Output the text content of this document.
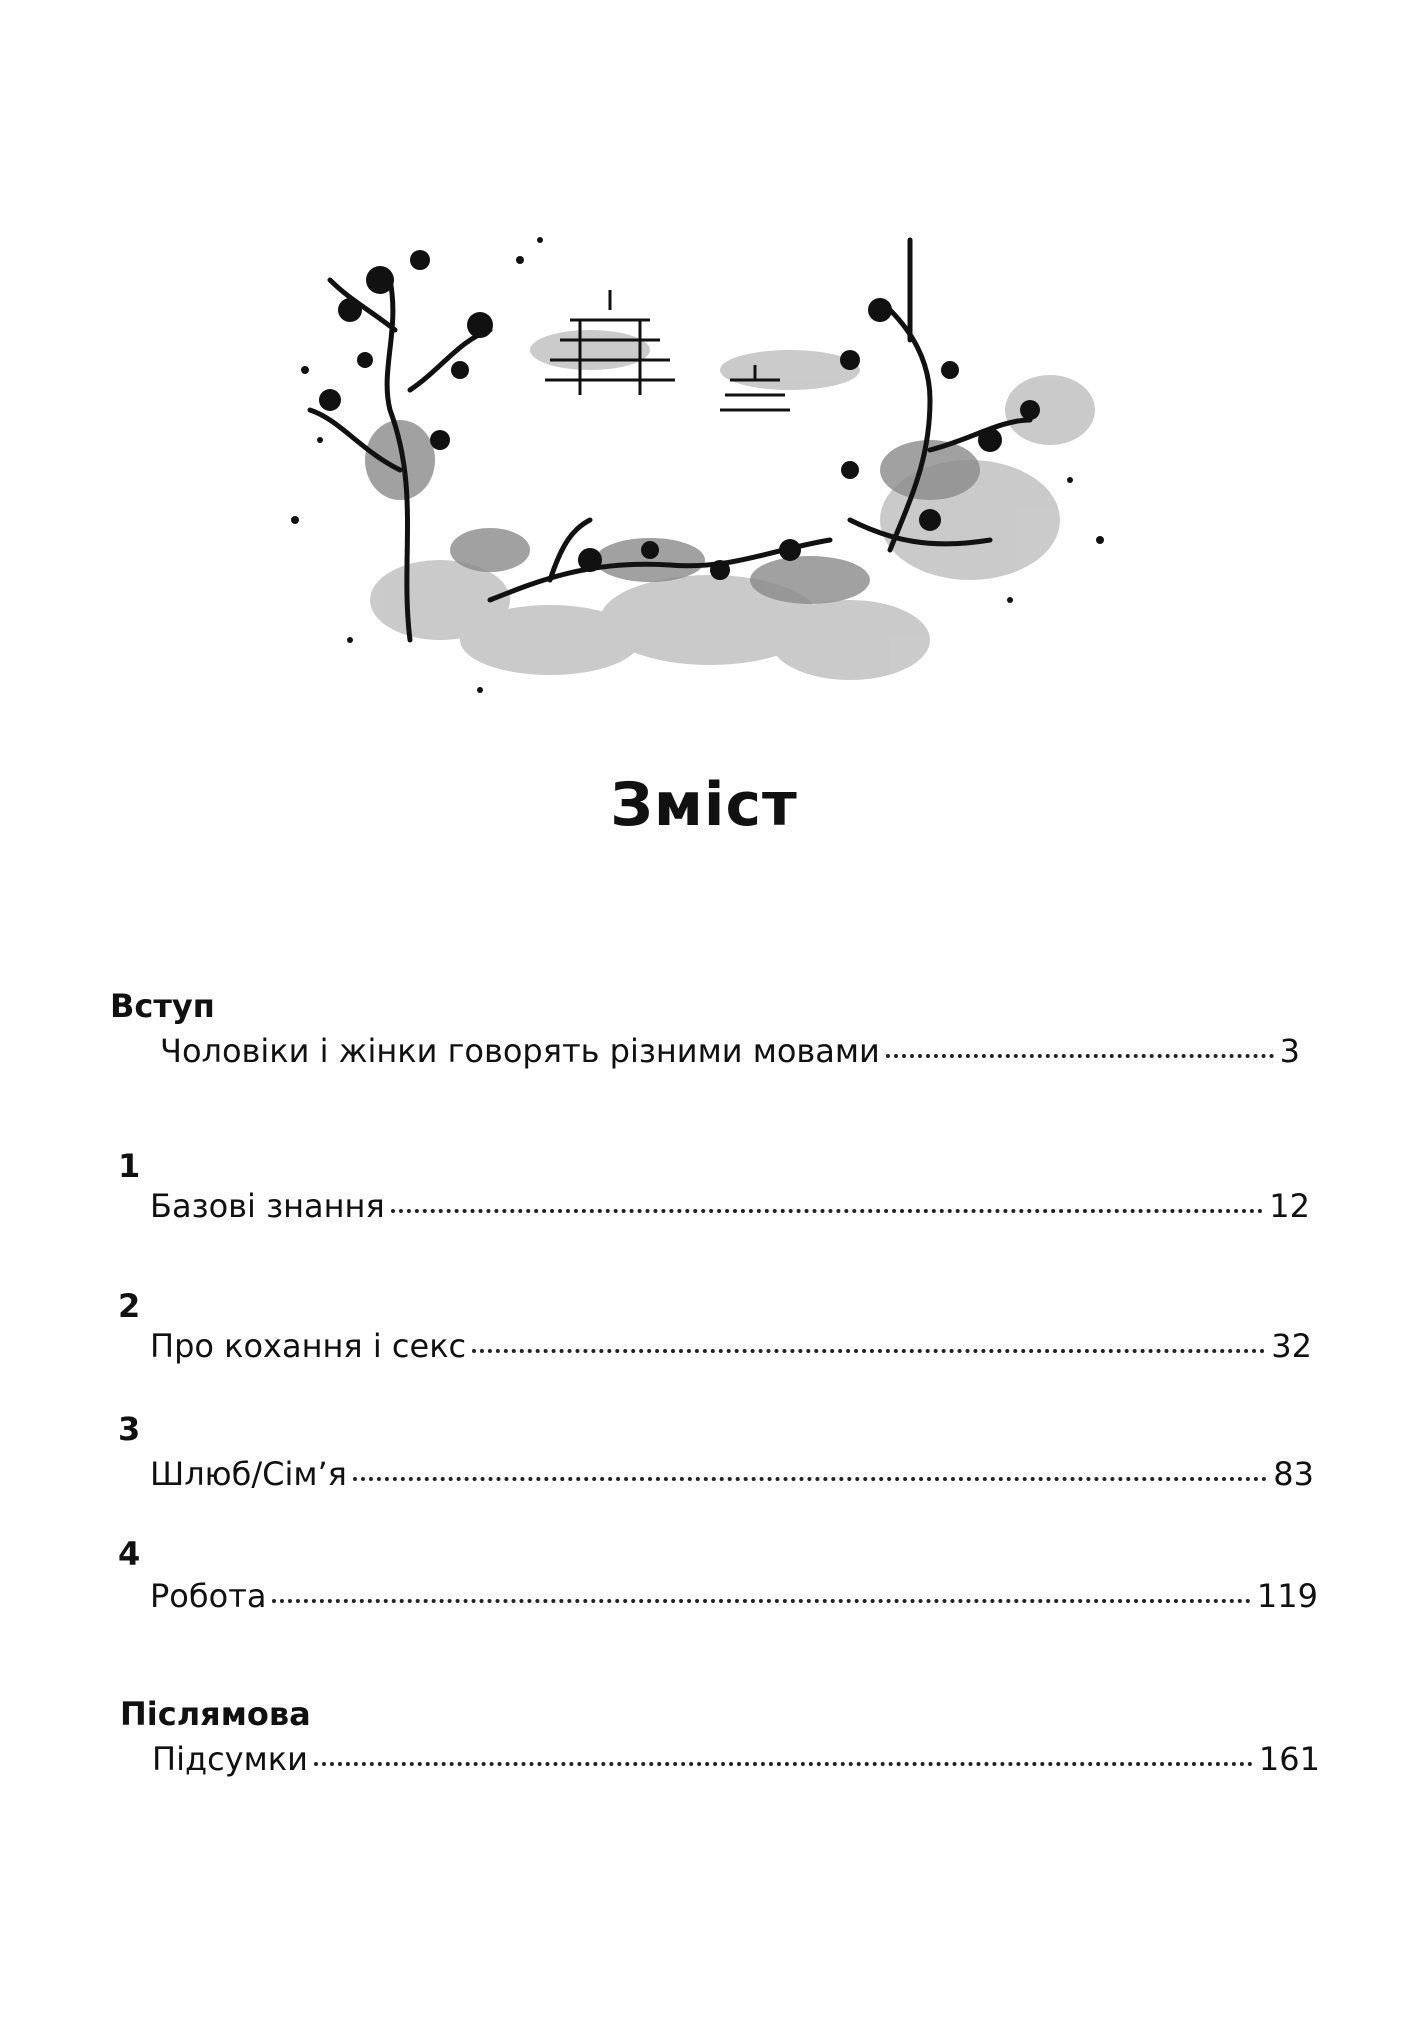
Зміст
Вступ
Чоловіки і жінки говорять різними мовами	3
1
Базові знання	12
2
Про кохання і секс	32
3
Шлюб/Сім’я	83
4
Робота	119
Післямова
Підсумки	161
